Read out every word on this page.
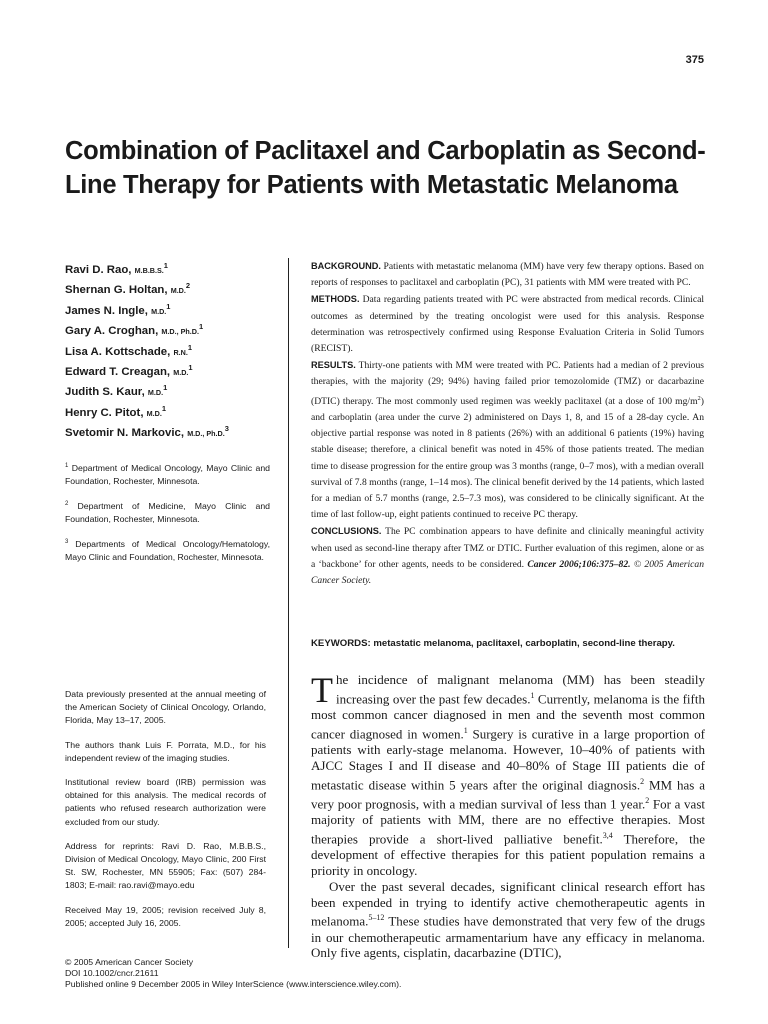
375
Combination of Paclitaxel and Carboplatin as Second-Line Therapy for Patients with Metastatic Melanoma
Ravi D. Rao, M.B.B.S.$^1$
Shernan G. Holtan, M.D.$^2$
James N. Ingle, M.D.$^1$
Gary A. Croghan, M.D., Ph.D.$^1$
Lisa A. Kottschade, R.N.$^1$
Edward T. Creagan, M.D.$^1$
Judith S. Kaur, M.D.$^1$
Henry C. Pitot, M.D.$^1$
Svetomir N. Markovic, M.D., Ph.D.$^3$
$^1$ Department of Medical Oncology, Mayo Clinic and Foundation, Rochester, Minnesota.
$^2$ Department of Medicine, Mayo Clinic and Foundation, Rochester, Minnesota.
$^3$ Departments of Medical Oncology/Hematology, Mayo Clinic and Foundation, Rochester, Minnesota.

BACKGROUND. Patients with metastatic melanoma (MM) have very few therapy options. Based on reports of responses to paclitaxel and carboplatin (PC), 31 patients with MM were treated with PC.

METHODS. Data regarding patients treated with PC were abstracted from medical records. Clinical outcomes as determined by the treating oncologist were used for this analysis. Response determination was retrospectively confirmed using Response Evaluation Criteria in Solid Tumors (RECIST).

RESULTS. Thirty-one patients with MM were treated with PC. Patients had a median of 2 previous therapies, with the majority (29; 94%) having failed prior temozolomide (TMZ) or dacarbazine (DTIC) therapy. The most commonly used regimen was weekly paclitaxel (at a dose of 100 $mg/m^2$) and carboplatin (area under the curve 2) administered on Days 1, 8, and 15 of a 28-day cycle. An objective partial response was noted in 8 patients (26%) with an additional 6 patients (19%) having stable disease; therefore, a clinical benefit was noted in 45% of those patients treated. The median time to disease progression for the entire group was 3 months (range, 0–7 mos), with a median overall survival of 7.8 months (range, 1–14 mos). The clinical benefit derived by the 14 patients, which lasted for a median of 5.7 months (range, 2.5–7.3 mos), was considered to be clinically significant. At the time of last follow-up, eight patients continued to receive PC therapy.

CONCLUSIONS. The PC combination appears to have definite and clinically meaningful activity when used as second-line therapy after TMZ or DTIC. Further evaluation of this regimen, alone or as a ‘backbone’ for other agents, needs to be considered. Cancer 2006;106:375–82. © 2005 American Cancer Society.

KEYWORDS: metastatic melanoma, paclitaxel, carboplatin, second-line therapy.

Data previously presented at the annual meeting of the American Society of Clinical Oncology, Orlando, Florida, May 13–17, 2005.

The authors thank Luis F. Porrata, M.D., for his independent review of the imaging studies.

Institutional review board (IRB) permission was obtained for this analysis. The medical records of patients who refused research authorization were excluded from our study.

Address for reprints: Ravi D. Rao, M.B.B.S., Division of Medical Oncology, Mayo Clinic, 200 First St. SW, Rochester, MN 55905; Fax: (507) 284-1803; E-mail: rao.ravi@mayo.edu

Received May 19, 2005; revision received July 8, 2005; accepted July 16, 2005.

The incidence of malignant melanoma (MM) has been steadily increasing over the past few decades.$^1$ Currently, melanoma is the fifth most common cancer diagnosed in men and the seventh most common cancer diagnosed in women.$^1$ Surgery is curative in a large proportion of patients with early-stage melanoma. However, 10–40% of patients with AJCC Stages I and II disease and 40–80% of Stage III patients die of metastatic disease within 5 years after the original diagnosis.$^2$ MM has a very poor prognosis, with a median survival of less than 1 year.$^2$ For a vast majority of patients with MM, there are no effective therapies. Most therapies provide a short-lived palliative benefit.$^{3,4}$ Therefore, the development of effective therapies for this patient population remains a priority in oncology.

Over the past several decades, significant clinical research effort has been expended in trying to identify active chemotherapeutic agents in melanoma.$^{5-12}$ These studies have demonstrated that very few of the drugs in our chemotherapeutic armamentarium have any efficacy in melanoma. Only five agents, cisplatin, dacarbazine (DTIC),

© 2005 American Cancer Society
DOI 10.1002/cncr.21611
Published online 9 December 2005 in Wiley InterScience (www.interscience.wiley.com).
